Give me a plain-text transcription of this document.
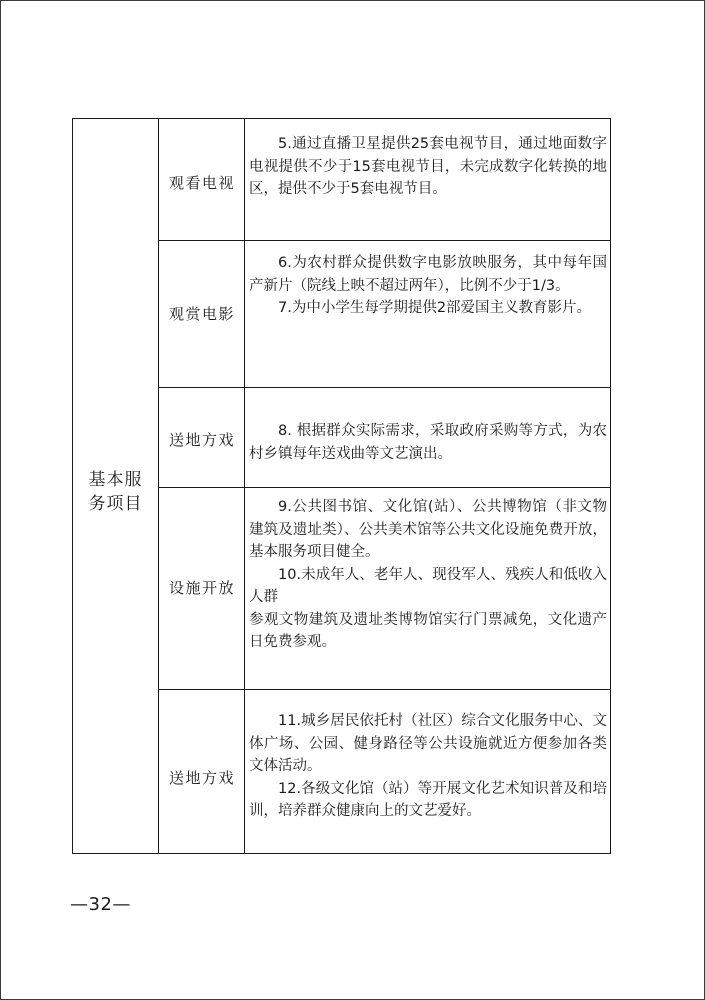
基本服
务项目
观看电视

5.通过直播卫星提供25套电视节目，通过地面数字电视提供不少于15套电视节目，未完成数字化转换的地区，提供不少于5套电视节目。

观赏电影

6.为农村群众提供数字电影放映服务，其中每年国产新片（院线上映不超过两年），比例不少于1/3。

7.为中小学生每学期提供2部爱国主义教育影片。

送地方戏	8. 根据群众实际需求，采取政府采购等方式，为农村乡镇每年送戏曲等文艺演出。

设施开放

9.公共图书馆、文化馆(站）、公共博物馆（非文物建筑及遗址类）、公共美术馆等公共文化设施免费开放，基本服务项目健全。

10.未成年人、老年人、现役军人、残疾人和低收入人群

参观文物建筑及遗址类博物馆实行门票减免，文化遗产日免费参观。

送地方戏

11.城乡居民依托村（社区）综合文化服务中心、文体广场、公园、健身路径等公共设施就近方便参加各类文体活动。

12.各级文化馆（站）等开展文化艺术知识普及和培训，培养群众健康向上的文艺爱好。

—32—
